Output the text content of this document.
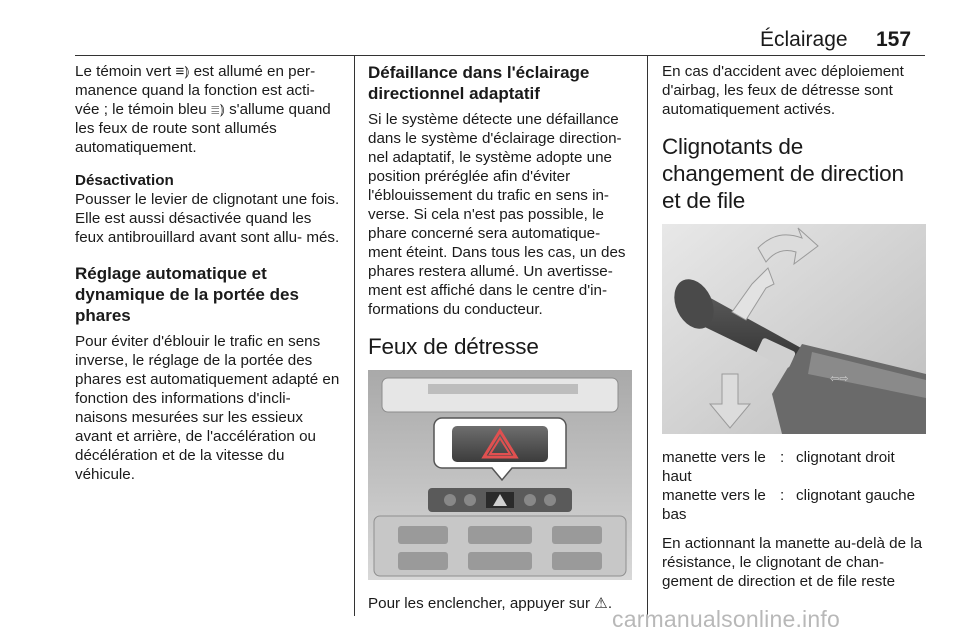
Éclairage 157

Le témoin vert ≡⦆ est allumé en per- manence quand la fonction est acti- vée ; le témoin bleu ≣⦆ s'allume quand les feux de route sont allumés automatiquement.

Désactivation

Pousser le levier de clignotant une fois. Elle est aussi désactivée quand les feux antibrouillard avant sont allu- més.

Réglage automatique et dynamique de la portée des phares

Pour éviter d'éblouir le trafic en sens inverse, le réglage de la portée des phares est automatiquement adapté en fonction des informations d'incli- naisons mesurées sur les essieux avant et arrière, de l'accélération ou décélération et de la vitesse du véhicule.

Défaillance dans l'éclairage directionnel adaptatif

Si le système détecte une défaillance dans le système d'éclairage direction- nel adaptatif, le système adopte une position préréglée afin d'éviter l'éblouissement du trafic en sens in- verse. Si cela n'est pas possible, le phare concerné sera automatique- ment éteint. Dans tous les cas, un des phares restera allumé. Un avertisse- ment est affiché dans le centre d'in- formations du conducteur.

Feux de détresse

Pour les enclencher, appuyer sur ⚠.

En cas d'accident avec déploiement d'airbag, les feux de détresse sont automatiquement activés.

Clignotants de changement de direction et de file
⇦⇨
manette vers le haut	:	clignotant droit
manette vers le bas	:	clignotant gauche

En actionnant la manette au-delà de la résistance, le clignotant de chan- gement de direction et de file reste

carmanualsonline.info
